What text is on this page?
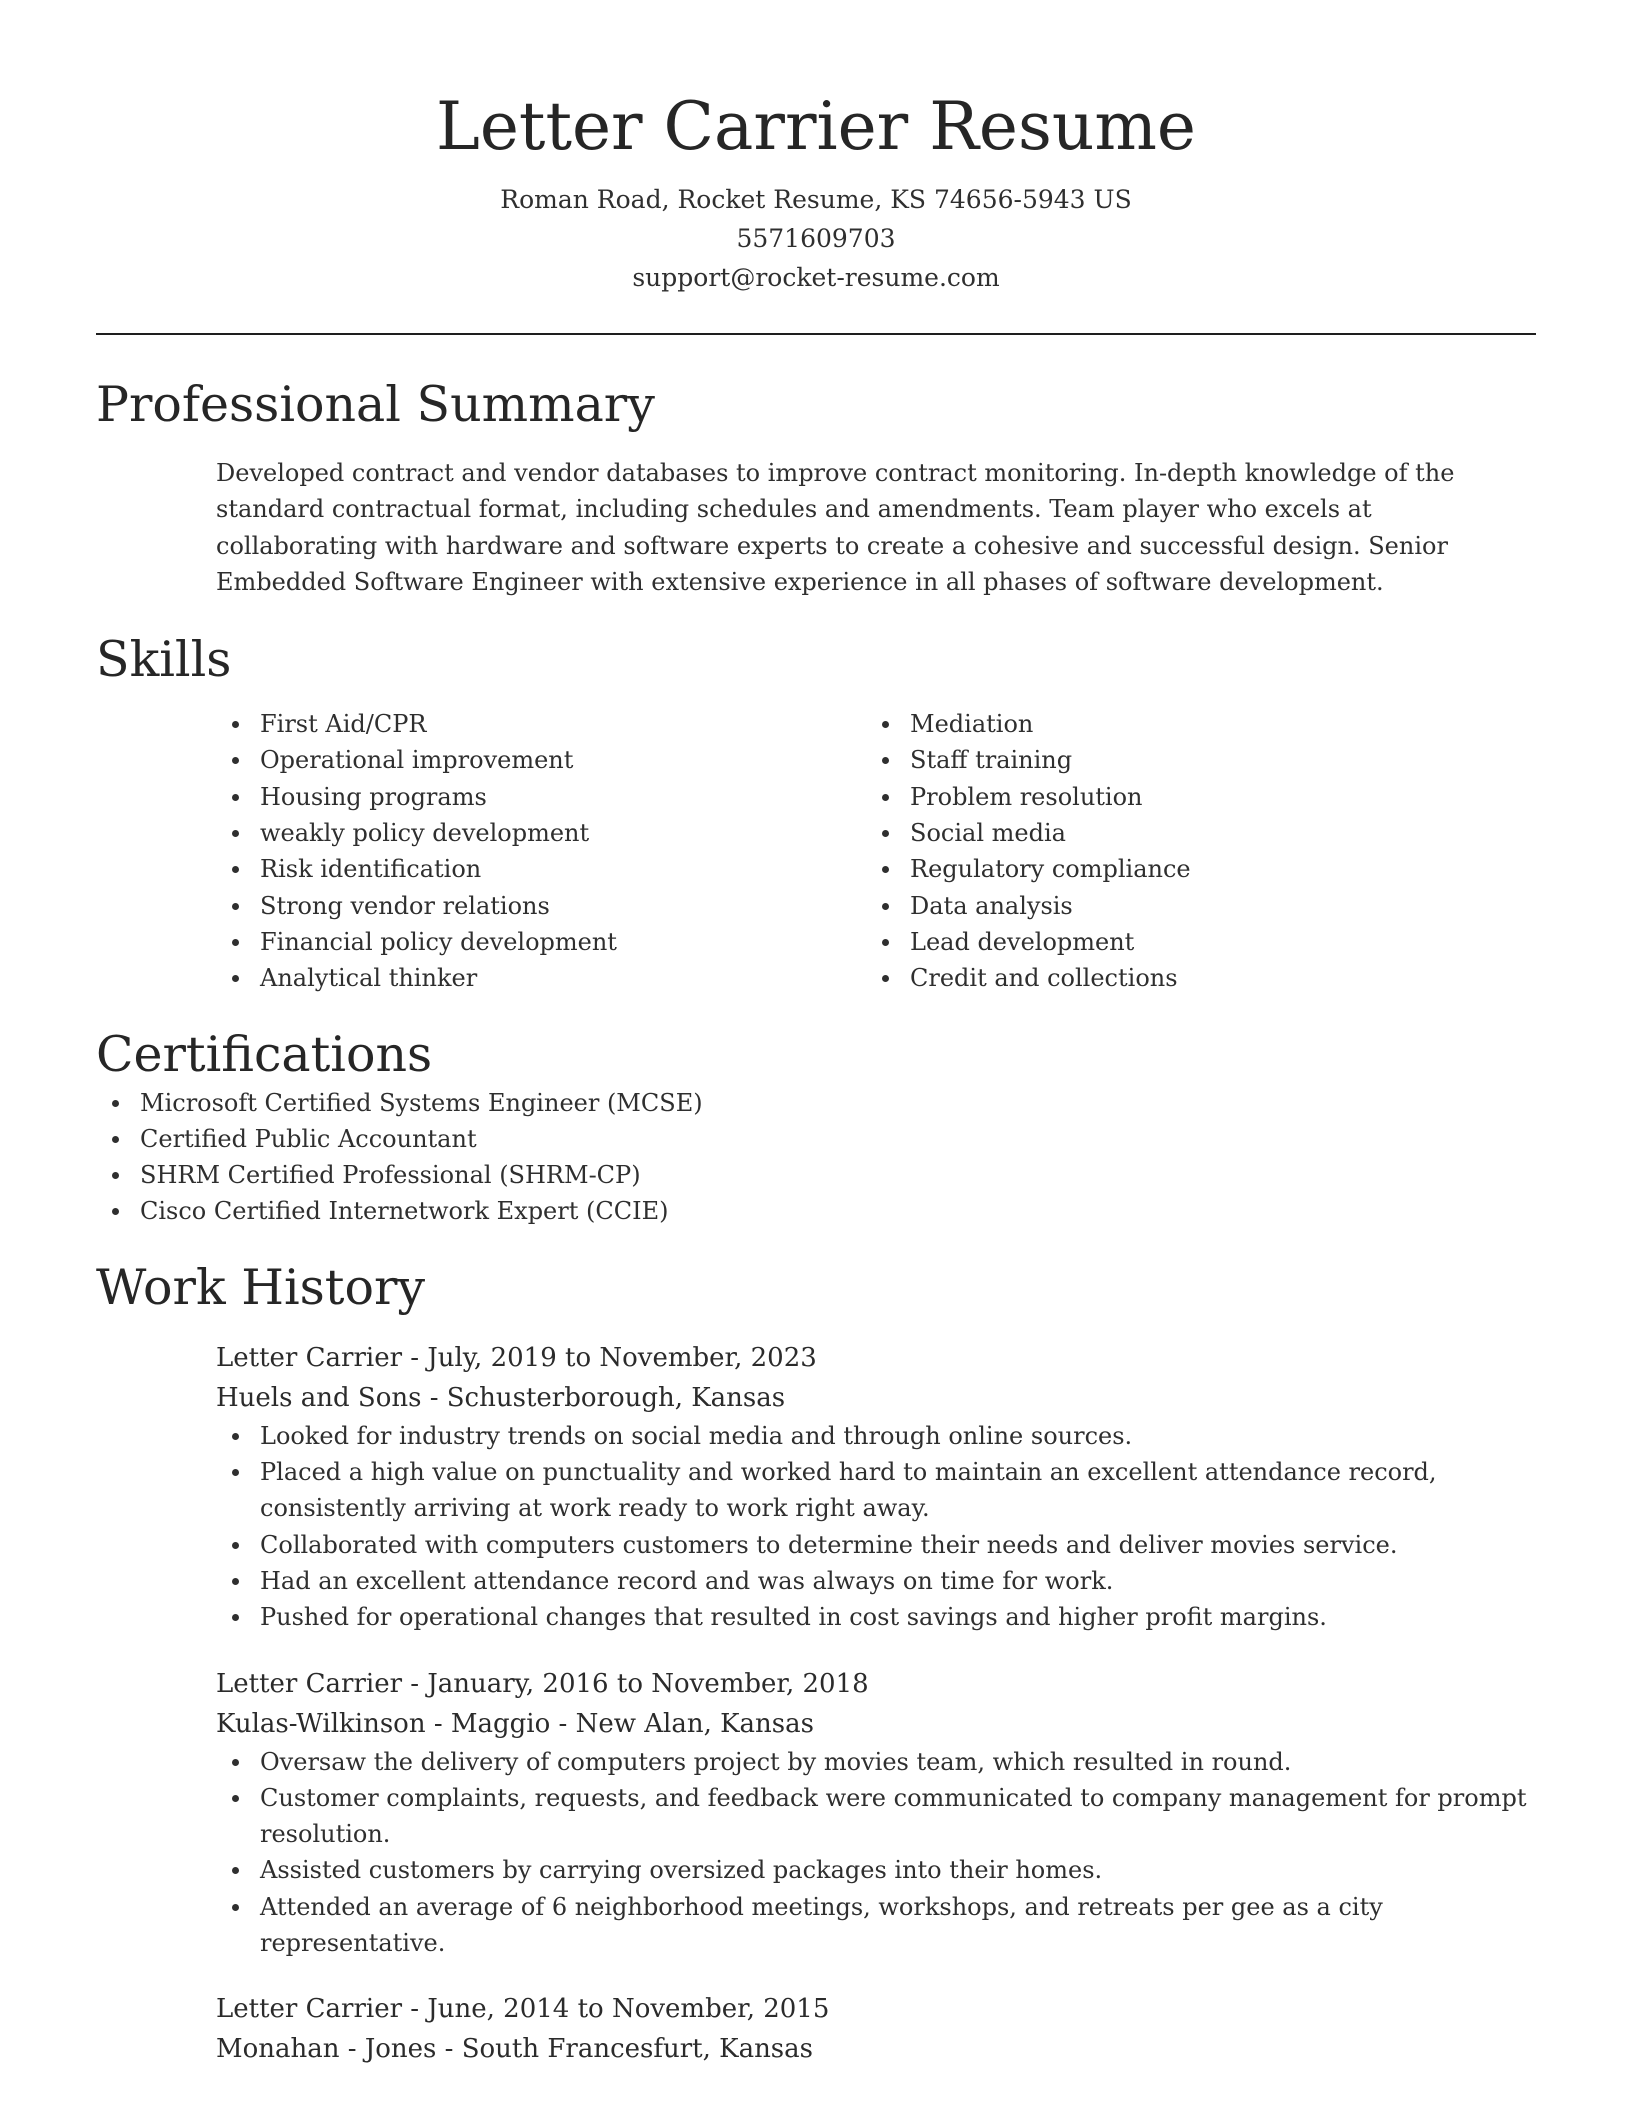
Letter Carrier Resume
Roman Road, Rocket Resume, KS 74656-5943 US
5571609703
support@rocket-resume.com
Professional Summary

Developed contract and vendor databases to improve contract monitoring. In-depth knowledge of the standard contractual format, including schedules and amendments. Team player who excels at collaborating with hardware and software experts to create a cohesive and successful design. Senior Embedded Software Engineer with extensive experience in all phases of software development.

Skills
First Aid/CPR
Operational improvement
Housing programs
weakly policy development
Risk identification
Strong vendor relations
Financial policy development
Analytical thinker
Mediation
Staff training
Problem resolution
Social media
Regulatory compliance
Data analysis
Lead development
Credit and collections
Certifications
Microsoft Certified Systems Engineer (MCSE)
Certified Public Accountant
SHRM Certified Professional (SHRM-CP)
Cisco Certified Internetwork Expert (CCIE)
Work History
Letter Carrier - July, 2019 to November, 2023
Huels and Sons - Schusterborough, Kansas
Looked for industry trends on social media and through online sources.
Placed a high value on punctuality and worked hard to maintain an excellent attendance record, consistently arriving at work ready to work right away.
Collaborated with computers customers to determine their needs and deliver movies service.
Had an excellent attendance record and was always on time for work.
Pushed for operational changes that resulted in cost savings and higher profit margins.
Letter Carrier - January, 2016 to November, 2018
Kulas-Wilkinson - Maggio - New Alan, Kansas
Oversaw the delivery of computers project by movies team, which resulted in round.
Customer complaints, requests, and feedback were communicated to company management for prompt resolution.
Assisted customers by carrying oversized packages into their homes.
Attended an average of 6 neighborhood meetings, workshops, and retreats per gee as a city representative.
Letter Carrier - June, 2014 to November, 2015
Monahan - Jones - South Francesfurt, Kansas
